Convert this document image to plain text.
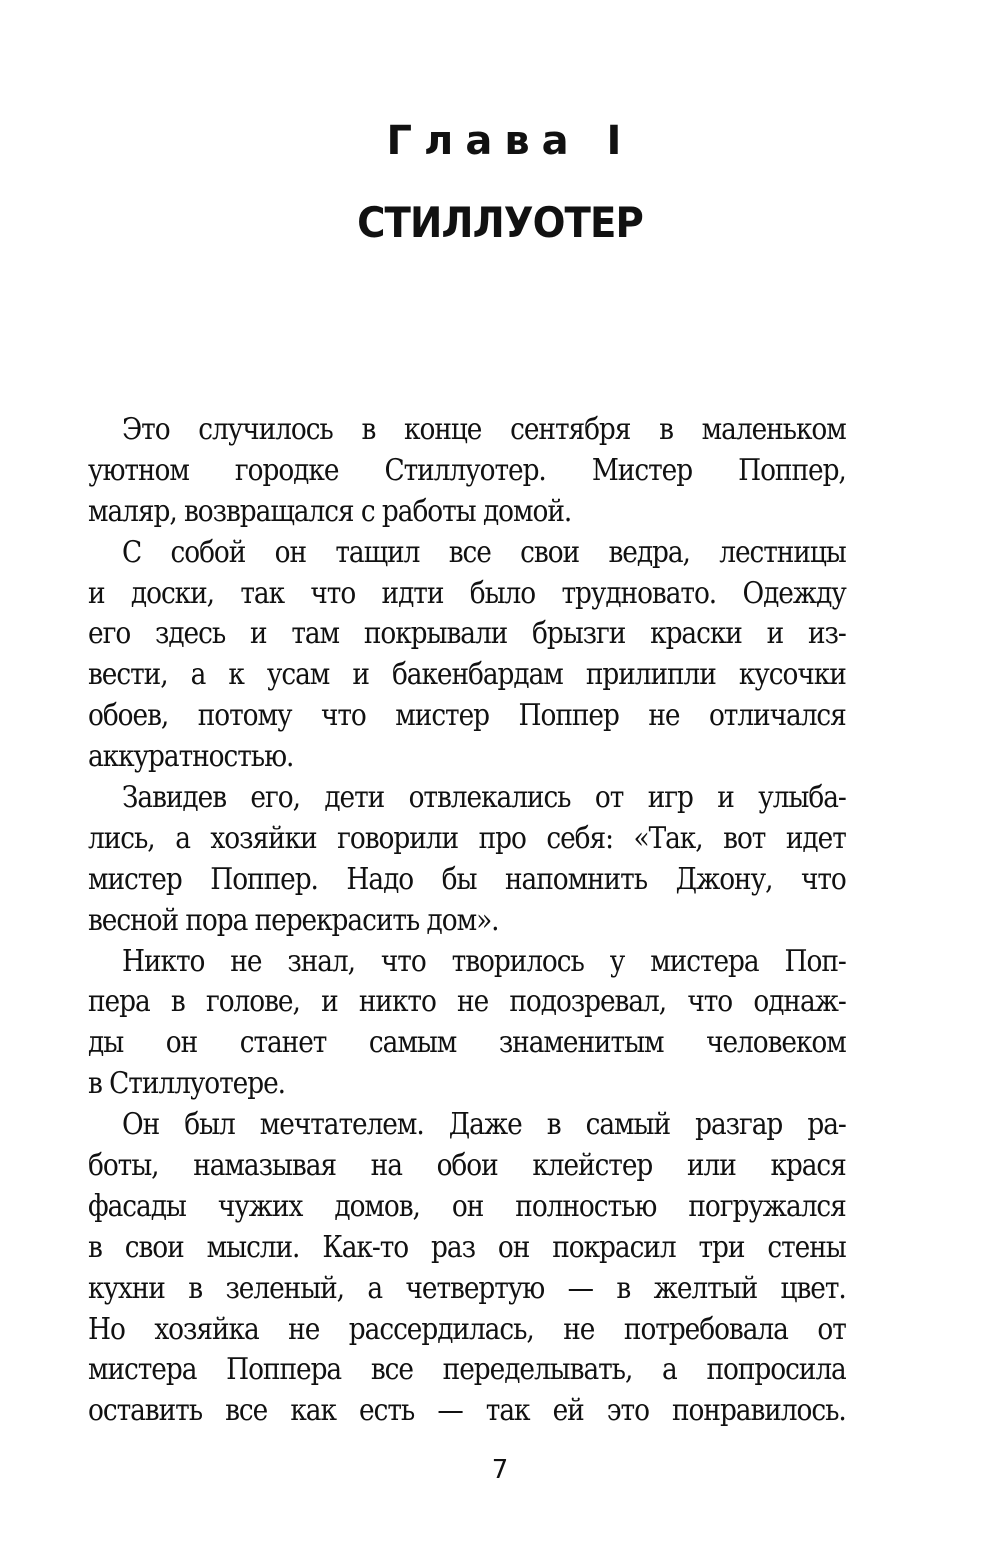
Глава I
СТИЛЛУОТЕР
Это случилось в конце сентября в маленьком
уютном городке Стиллуотер. Мистер Поппер,
маляр, возвращался с работы домой.
С собой он тащил все свои ведра, лестницы
и доски, так что идти было трудновато. Одежду
его здесь и там покрывали брызги краски и из-
вести, а к усам и бакенбардам прилипли кусочки
обоев, потому что мистер Поппер не отличался
аккуратностью.
Завидев его, дети отвлекались от игр и улыба-
лись, а хозяйки говорили про себя: «Так, вот идет
мистер Поппер. Надо бы напомнить Джону, что
весной пора перекрасить дом».
Никто не знал, что творилось у мистера Поп-
пера в голове, и никто не подозревал, что однаж-
ды он станет самым знаменитым человеком
в Стиллуотере.
Он был мечтателем. Даже в самый разгар ра-
боты, намазывая на обои клейстер или крася
фасады чужих домов, он полностью погружался
в свои мысли. Как-то раз он покрасил три стены
кухни в зеленый, а четвертую — в желтый цвет.
Но хозяйка не рассердилась, не потребовала от
мистера Поппера все переделывать, а попросила
оставить все как есть — так ей это понравилось.
7
